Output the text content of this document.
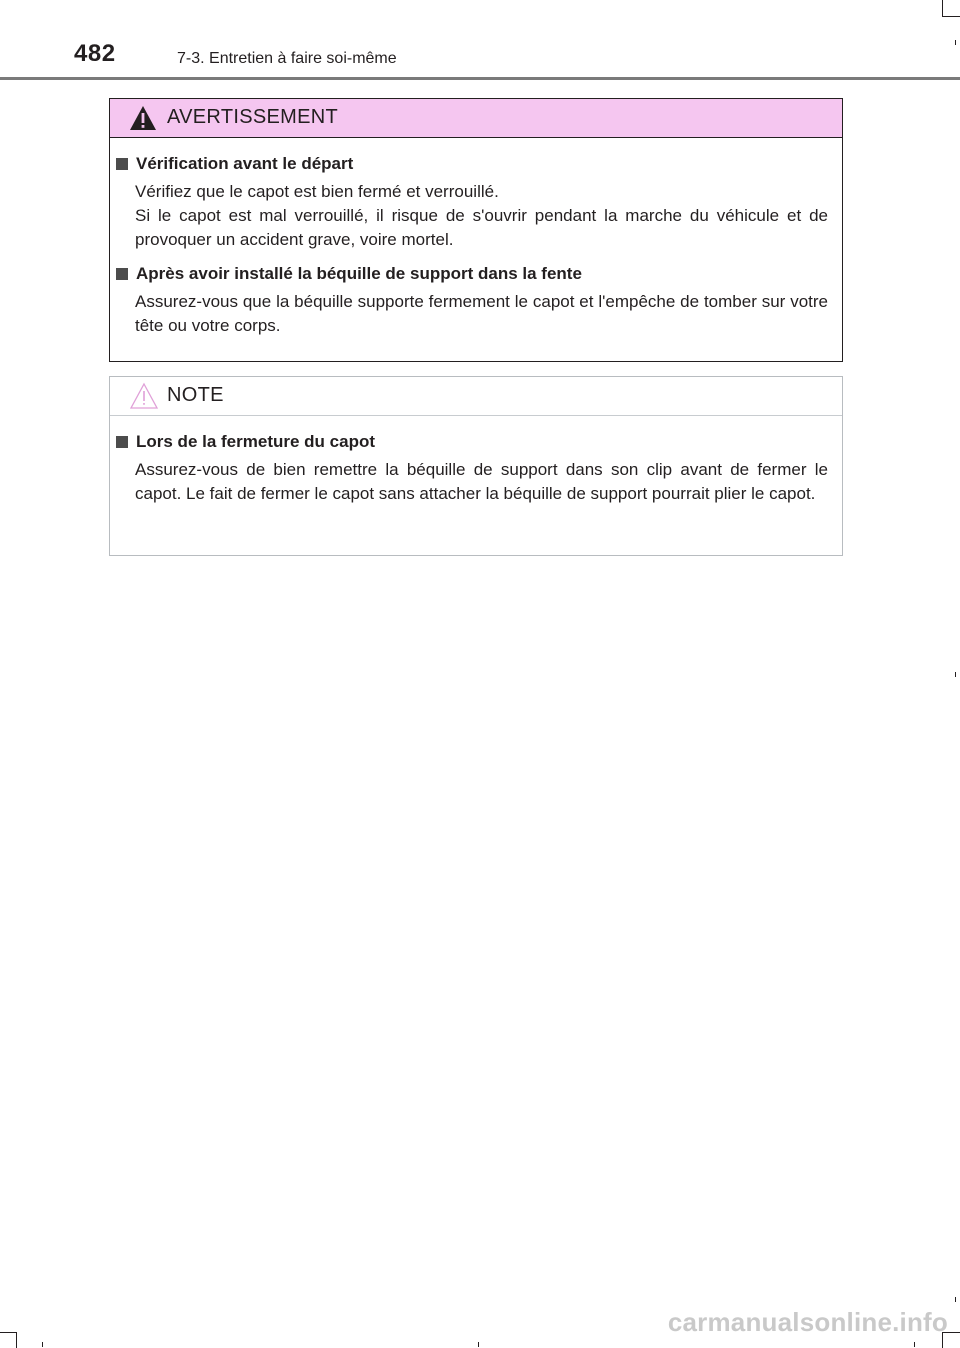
482	7-3. Entretien à faire soi-même
AVERTISSEMENT
Vérification avant le départ

Vérifiez que le capot est bien fermé et verrouillé.

Si le capot est mal verrouillé, il risque de s'ouvrir pendant la marche du véhicule et de provoquer un accident grave, voire mortel.

Après avoir installé la béquille de support dans la fente

Assurez-vous que la béquille supporte fermement le capot et l'empêche de tomber sur votre tête ou votre corps.

NOTE
Lors de la fermeture du capot

Assurez-vous de bien remettre la béquille de support dans son clip avant de fermer le capot. Le fait de fermer le capot sans attacher la béquille de support pourrait plier le capot.

carmanualsonline.info
